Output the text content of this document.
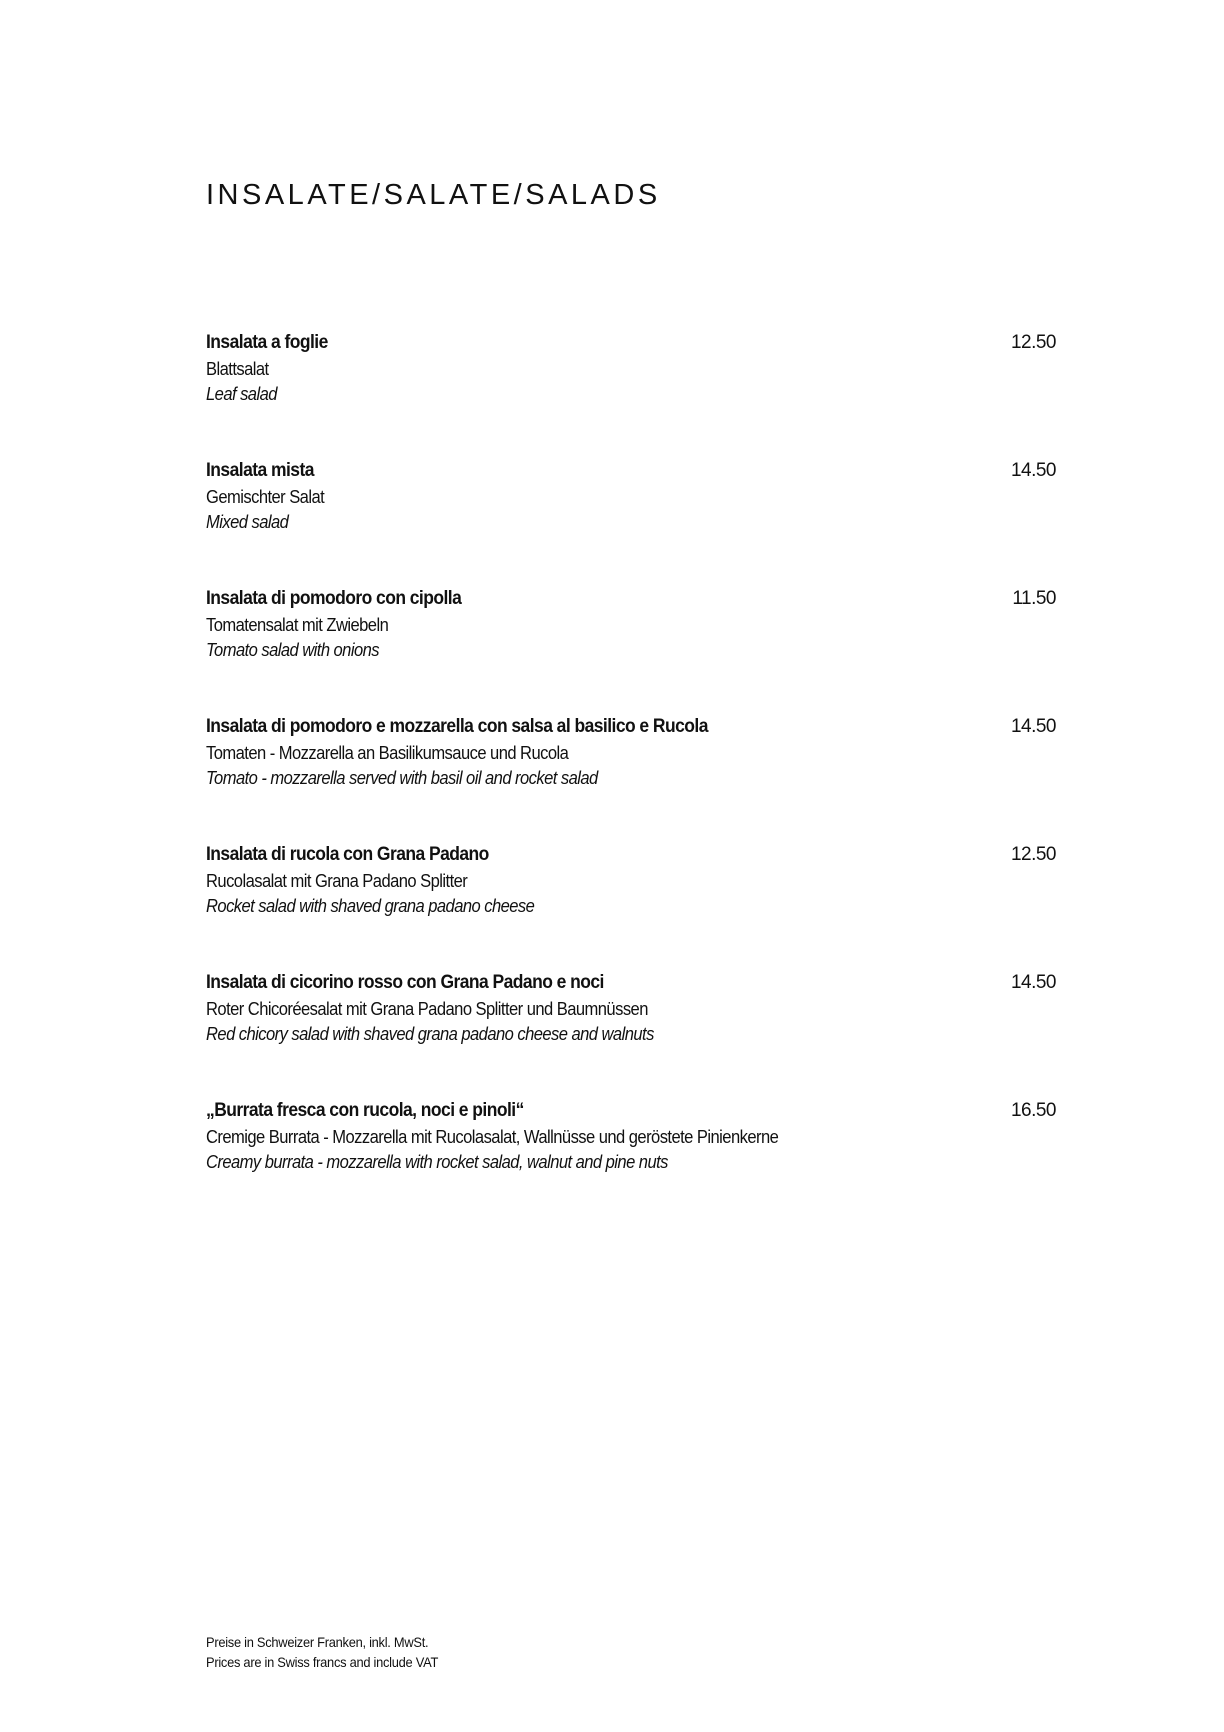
INSALATE/SALATE/SALADS
Insalata a foglie	12.50
Blattsalat
Leaf salad
Insalata mista	14.50
Gemischter Salat
Mixed salad
Insalata di pomodoro con cipolla	11.50
Tomatensalat mit Zwiebeln
Tomato salad with onions
Insalata di pomodoro e mozzarella con salsa al basilico e Rucola	14.50
Tomaten - Mozzarella an Basilikumsauce und Rucola
Tomato - mozzarella served with basil oil and rocket salad
Insalata di rucola con Grana Padano	12.50
Rucolasalat mit Grana Padano Splitter
Rocket salad with shaved grana padano cheese
Insalata di cicorino rosso con Grana Padano e noci	14.50
Roter Chicoréesalat mit Grana Padano Splitter und Baumnüssen
Red chicory salad with shaved grana padano cheese and walnuts
„Burrata fresca con rucola, noci e pinoli“	16.50
Cremige Burrata - Mozzarella mit Rucolasalat, Wallnüsse und geröstete Pinienkerne
Creamy burrata - mozzarella with rocket salad, walnut and pine nuts
Preise in Schweizer Franken, inkl. MwSt.
Prices are in Swiss francs and include VAT
